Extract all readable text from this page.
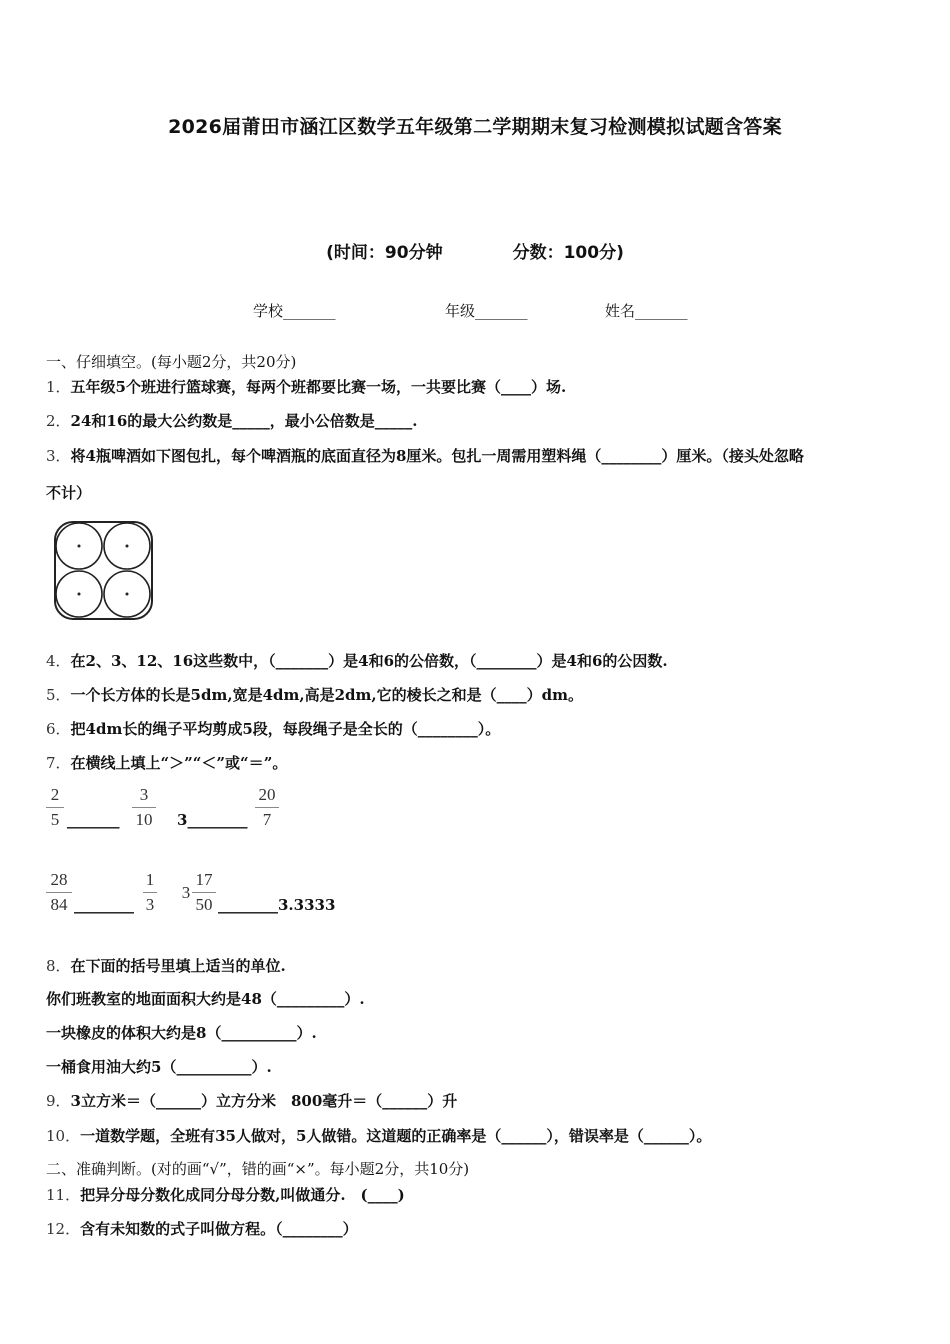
2026届莆田市涵江区数学五年级第二学期期末复习检测模拟试题含答案
(时间：90分钟	分数：100分)
学校_______	年级_______	姓名_______
一、仔细填空。(每小题2分，共20分)
1．五年级5个班进行篮球赛，每两个班都要比赛一场，一共要比赛（____）场.
2．24和16的最大公约数是_____，最小公倍数是_____.
3．将4瓶啤酒如下图包扎，每个啤酒瓶的底面直径为8厘米。包扎一周需用塑料绳（________）厘米。（接头处忽略
不计）
4．在2、3、12、16这些数中，（_______）是4和6的公倍数，（________）是4和6的公因数.
5．一个长方体的长是5dm,宽是4dm,高是2dm,它的棱长之和是（____）dm。
6．把4dm长的绳子平均剪成5段，每段绳子是全长的（________）。
7．在横线上填上“＞”“＜”或“＝”。
2
5 _______
3
10 3________
20
7
28
84 ________
1
3
3
17
50 ________3.3333
8．在下面的括号里填上适当的单位.
你们班教室的地面面积大约是48（_________）.
一块橡皮的体积大约是8（__________）.
一桶食用油大约5（__________）.
9．3立方米＝（______）立方分米　800毫升＝（______）升
10．一道数学题，全班有35人做对，5人做错。这道题的正确率是（______），错误率是（______）。
二、准确判断。(对的画“√”，错的画“×”。每小题2分，共10分)
11．把异分母分数化成同分母分数,叫做通分.　(____)
12．含有未知数的式子叫做方程。（________）
